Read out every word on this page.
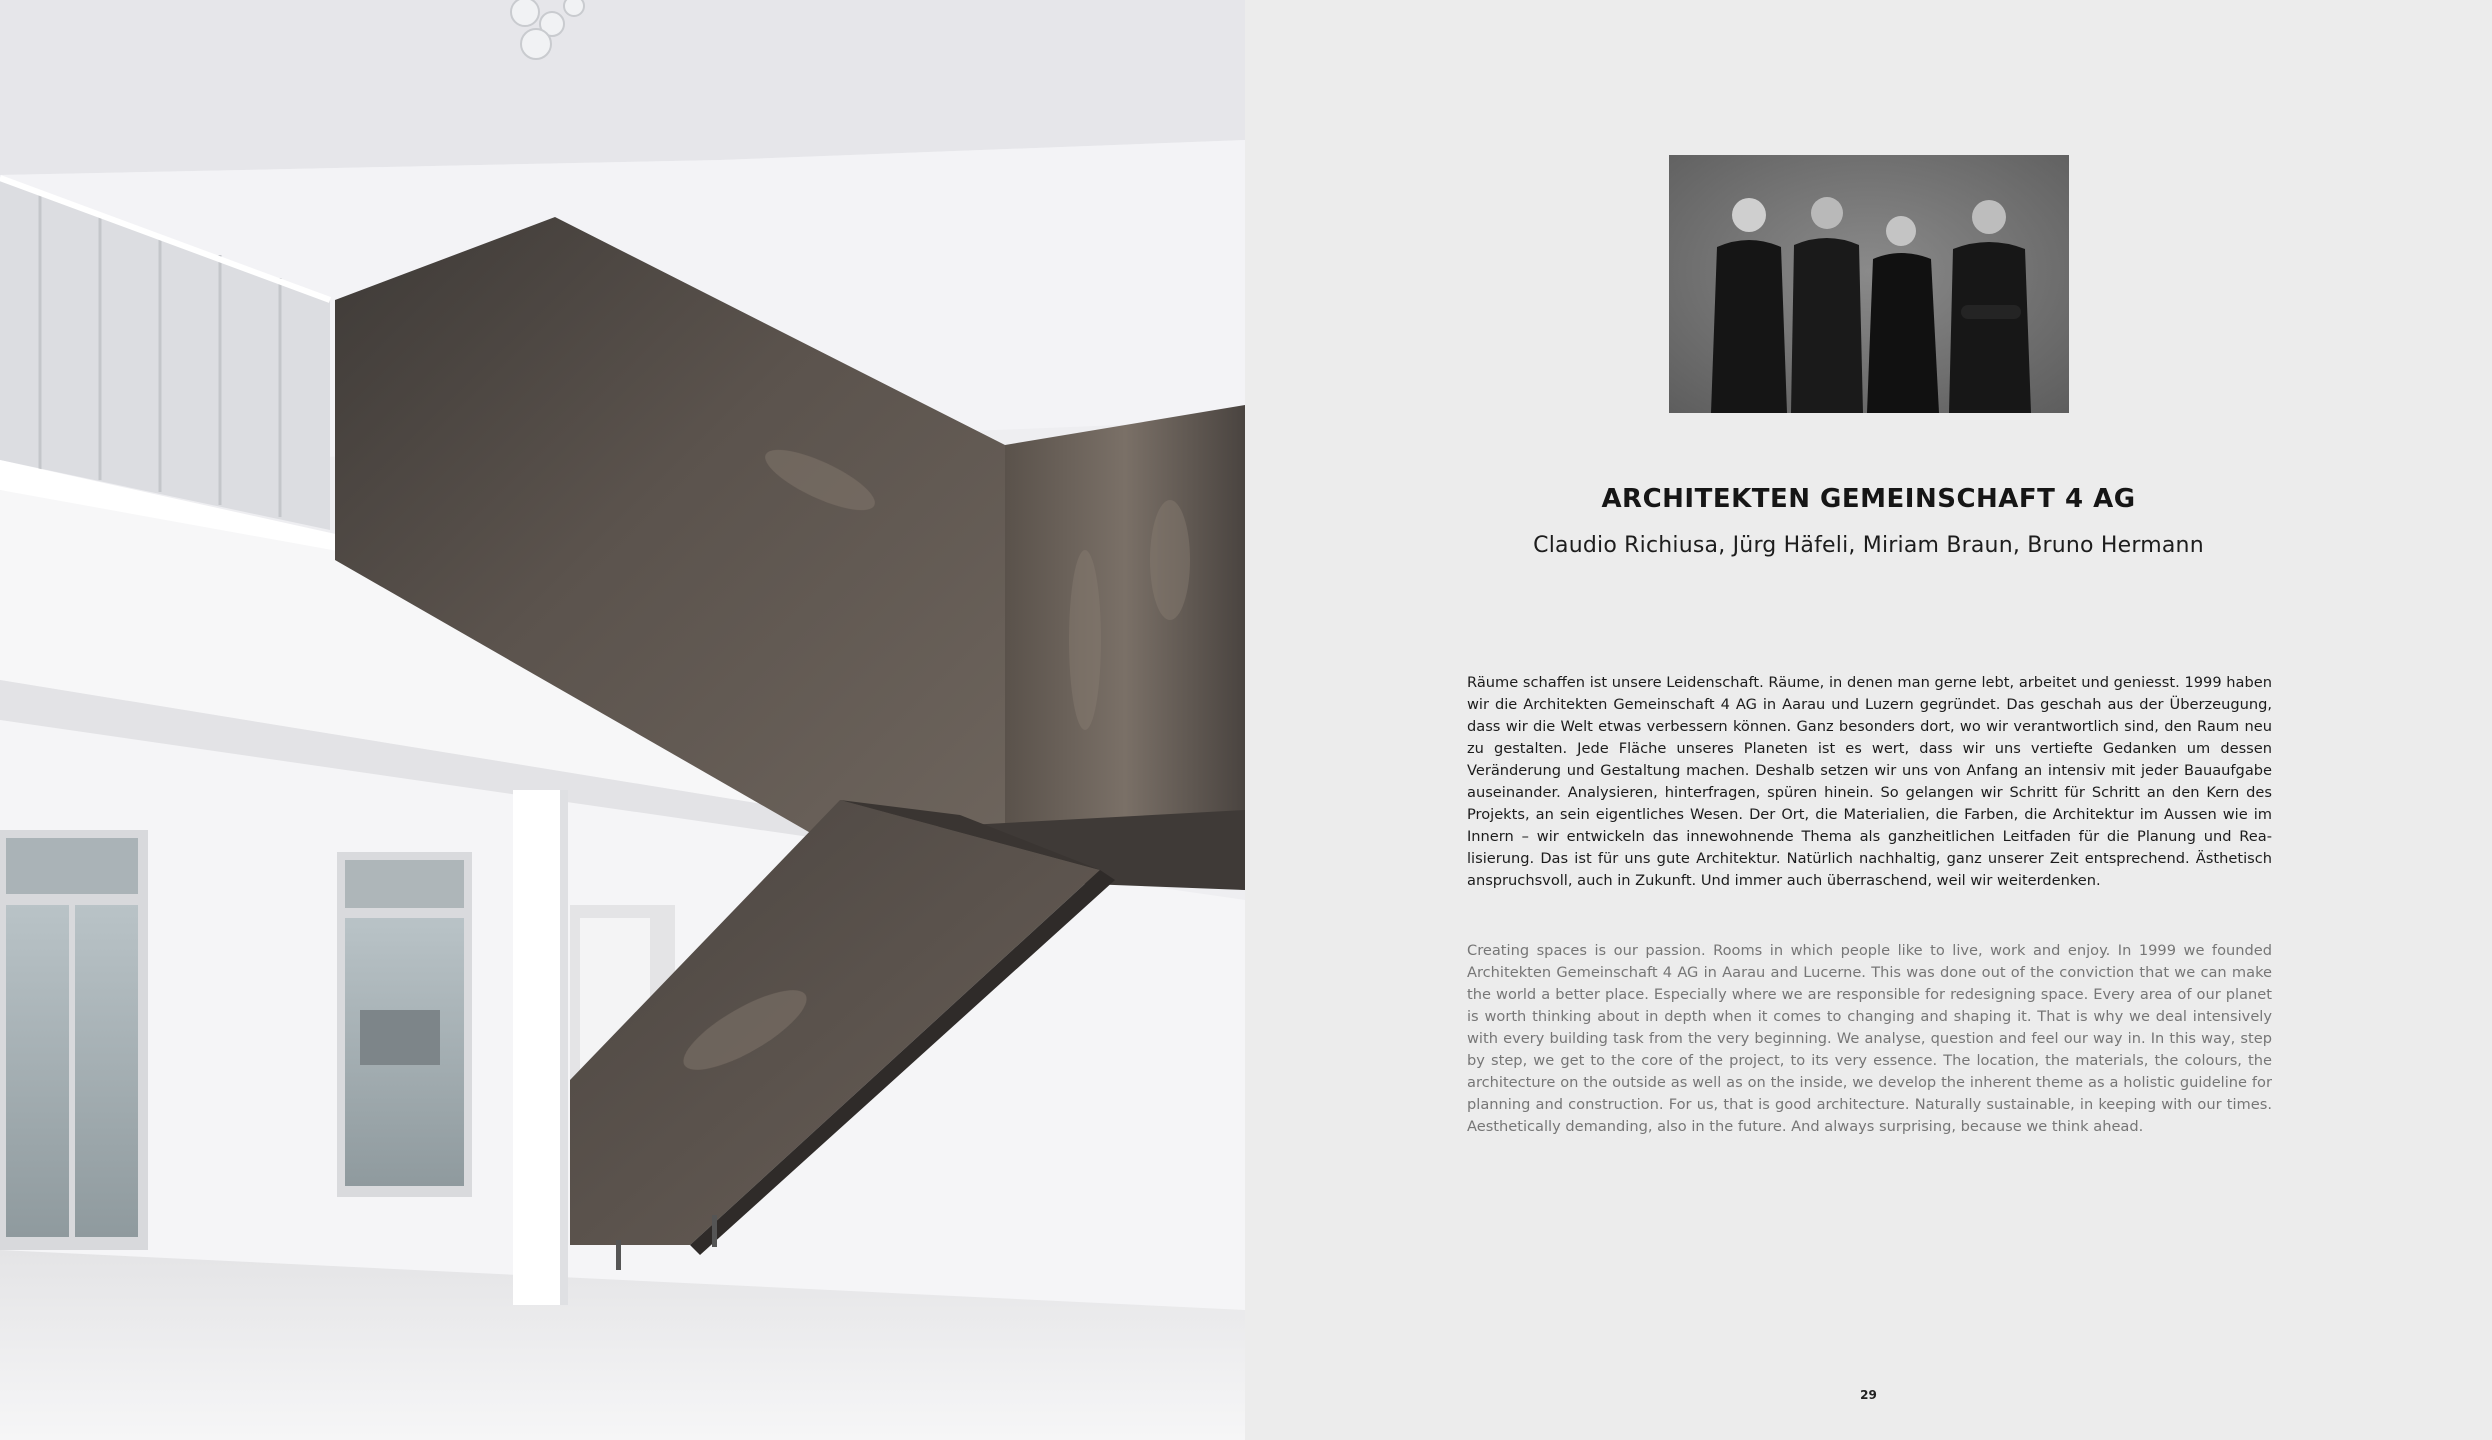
ARCHITEKTEN GEMEINSCHAFT 4 AG
Claudio Richiusa, Jürg Häfeli, Miriam Braun, Bruno Hermann

Räume schaffen ist unsere Leidenschaft. Räume, in denen man gerne lebt, arbeitet und geniesst. 1999 haben wir die Architekten Gemeinschaft 4 AG in Aarau und Luzern gegründet. Das geschah aus der Überzeugung, dass wir die Welt etwas verbessern können. Ganz besonders dort, wo wir verantwortlich sind, den Raum neu zu gestalten. Jede Fläche unseres Planeten ist es wert, dass wir uns vertiefte Gedanken um dessen Veränderung und Gestaltung machen. Deshalb setzen wir uns von Anfang an intensiv mit jeder Bauaufgabe auseinander. Analysieren, hinterfragen, spüren hinein. So gelangen wir Schritt für Schritt an den Kern des Projekts, an sein eigentliches Wesen. Der Ort, die Materialien, die Farben, die Architektur im Aussen wie im Innern – wir entwickeln das innewohnende Thema als ganzheitlichen Leitfaden für die Planung und Realisierung. Das ist für uns gute Architektur. Natürlich nachhaltig, ganz unserer Zeit entsprechend. Ästhetisch anspruchsvoll, auch in Zukunft. Und immer auch überraschend, weil wir weiterdenken.

Creating spaces is our passion. Rooms in which people like to live, work and enjoy. In 1999 we founded Architekten Gemeinschaft 4 AG in Aarau and Lucerne. This was done out of the conviction that we can make the world a better place. Especially where we are responsible for redesigning space. Every area of our planet is worth thinking about in depth when it comes to changing and shaping it. That is why we deal intensively with every building task from the very beginning. We analyse, question and feel our way in. In this way, step by step, we get to the core of the project, to its very essence. The location, the materials, the colours, the architecture on the outside as well as on the inside, we develop the inherent theme as a holistic guideline for planning and construction. For us, that is good architecture. Naturally sustainable, in keeping with our times. Aesthetically demanding, also in the future. And always surprising, because we think ahead.

29
